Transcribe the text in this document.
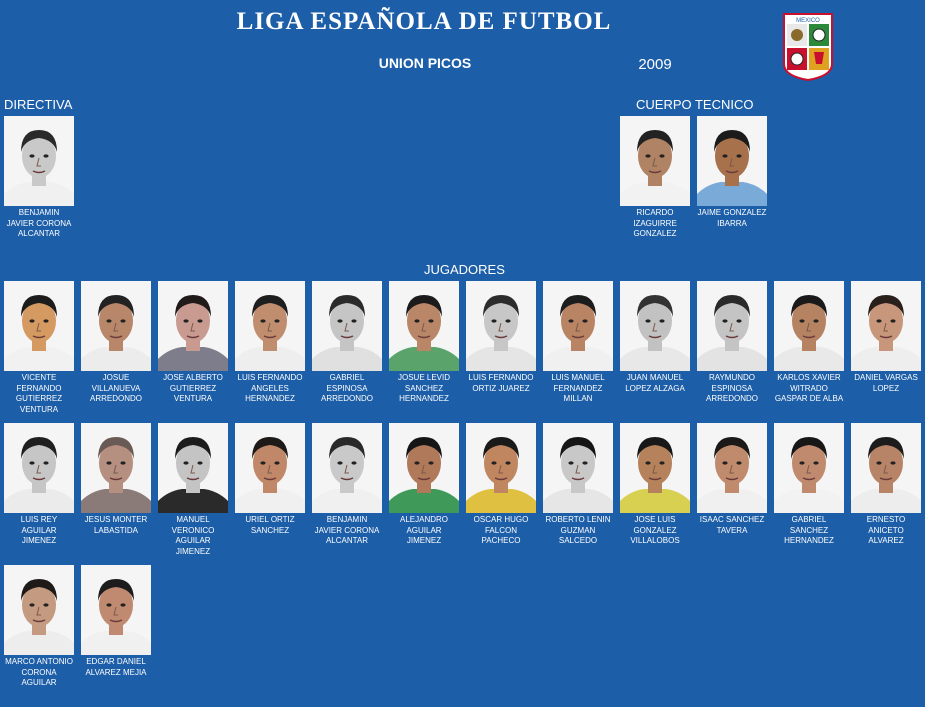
LIGA ESPAÑOLA DE FUTBOL
UNION PICOS	2009
MEXICO
DIRECTIVA	CUERPO TECNICO
JUGADORES
BENJAMIN JAVIER CORONA ALCANTAR
RICARDO IZAGUIRRE GONZALEZ
JAIME GONZALEZ IBARRA
VICENTE FERNANDO GUTIERREZ VENTURA
JOSUE VILLANUEVA ARREDONDO
JOSE ALBERTO GUTIERREZ VENTURA
LUIS FERNANDO ANGELES HERNANDEZ
GABRIEL ESPINOSA ARREDONDO
JOSUE LEVID SANCHEZ HERNANDEZ
LUIS FERNANDO ORTIZ JUAREZ
LUIS MANUEL FERNANDEZ MILLAN
JUAN MANUEL LOPEZ ALZAGA
RAYMUNDO ESPINOSA ARREDONDO
KARLOS XAVIER WITRADO GASPAR DE ALBA
DANIEL VARGAS LOPEZ
LUIS REY AGUILAR JIMENEZ
JESUS MONTER LABASTIDA
MANUEL VERONICO AGUILAR JIMENEZ
URIEL ORTIZ SANCHEZ
BENJAMIN JAVIER CORONA ALCANTAR
ALEJANDRO AGUILAR JIMENEZ
OSCAR HUGO FALCON PACHECO
ROBERTO LENIN GUZMAN SALCEDO
JOSE LUIS GONZALEZ VILLALOBOS
ISAAC SANCHEZ TAVERA
GABRIEL SANCHEZ HERNANDEZ
ERNESTO ANICETO ALVAREZ
MARCO ANTONIO CORONA AGUILAR
EDGAR DANIEL ALVAREZ MEJIA
